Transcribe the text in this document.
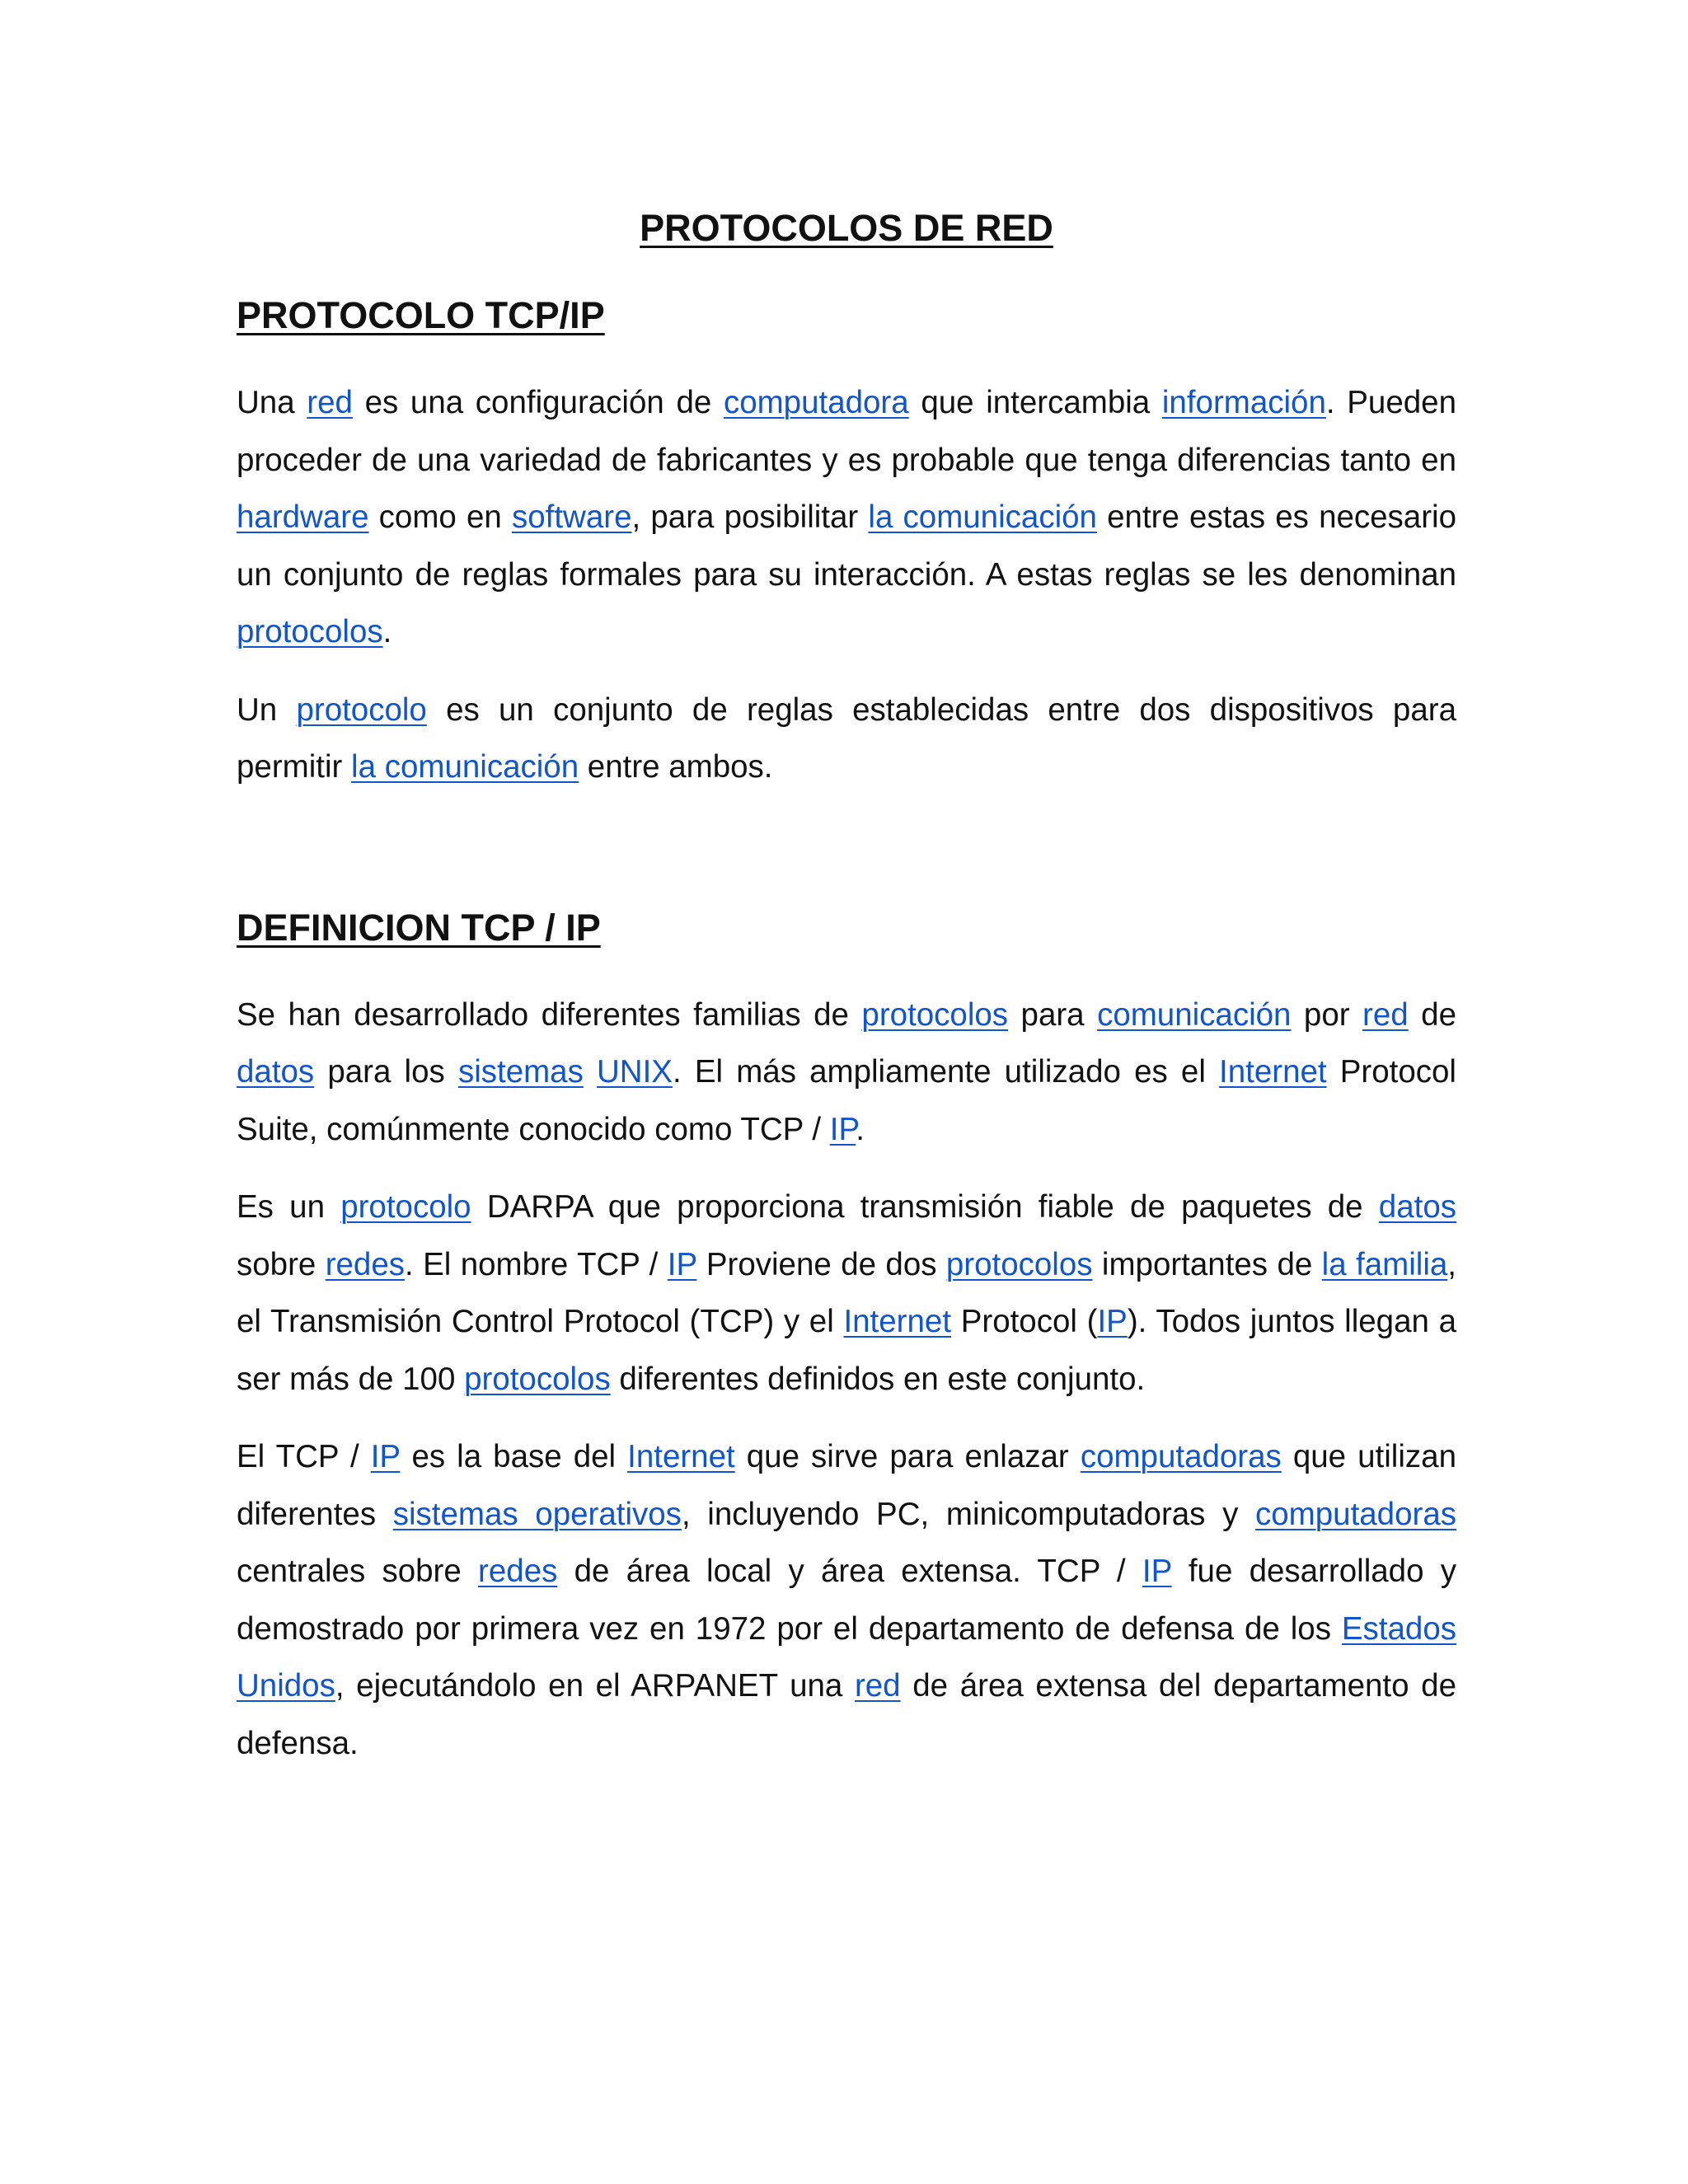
PROTOCOLOS DE RED
PROTOCOLO TCP/IP

Una red es una configuración de computadora que intercambia información. Pueden proceder de una variedad de fabricantes y es probable que tenga diferencias tanto en hardware como en software, para posibilitar la comunicación entre estas es necesario un conjunto de reglas formales para su interacción. A estas reglas se les denominan protocolos.

Un protocolo es un conjunto de reglas establecidas entre dos dispositivos para permitir la comunicación entre ambos.

DEFINICION TCP / IP

Se han desarrollado diferentes familias de protocolos para comunicación por red de datos para los sistemas UNIX. El más ampliamente utilizado es el Internet Protocol Suite, comúnmente conocido como TCP / IP.

Es un protocolo DARPA que proporciona transmisión fiable de paquetes de datos sobre redes. El nombre TCP / IP Proviene de dos protocolos importantes de la familia, el Transmisión Control Protocol (TCP) y el Internet Protocol (IP). Todos juntos llegan a ser más de 100 protocolos diferentes definidos en este conjunto.

El TCP / IP es la base del Internet que sirve para enlazar computadoras que utilizan diferentes sistemas operativos, incluyendo PC, minicomputadoras y computadoras centrales sobre redes de área local y área extensa. TCP / IP fue desarrollado y demostrado por primera vez en 1972 por el departamento de defensa de los Estados Unidos, ejecutándolo en el ARPANET una red de área extensa del departamento de defensa.
